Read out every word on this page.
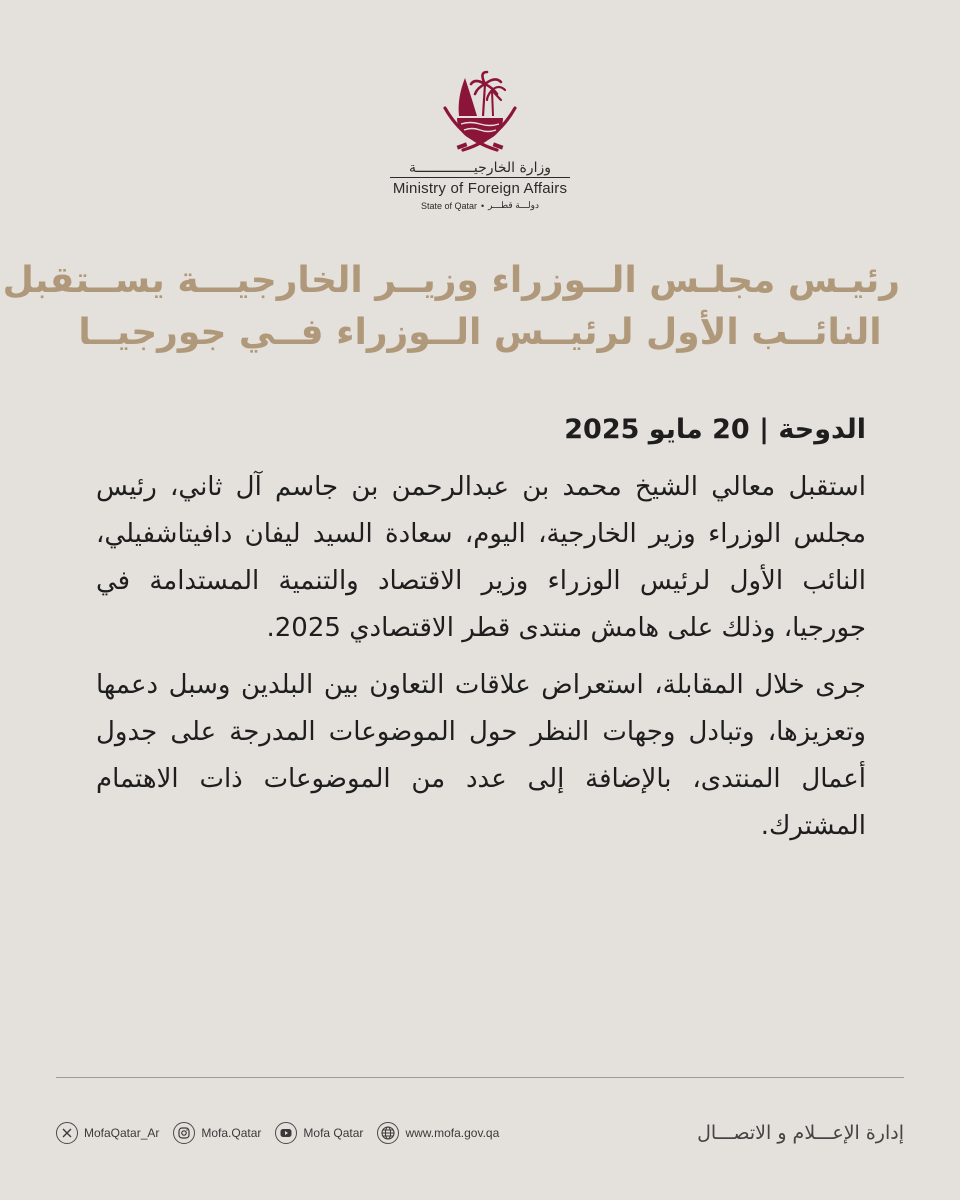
وزارة الخارجيــــــــــــــة
Ministry of Foreign Affairs
State of Qatar • دولـــة قطـــر
رئيـس مجلـس الــوزراء وزيــر الخارجيـــة يســتقبل
النائــب الأول لرئيــس الــوزراء فــي جورجيــا

الدوحة | 20 مايو 2025

استقبل معالي الشيخ محمد بن عبدالرحمن بن جاسم آل ثاني، رئيس مجلس الوزراء وزير الخارجية، اليوم، سعادة السيد ليفان دافيتاشفيلي، النائب الأول لرئيس الوزراء وزير الاقتصاد والتنمية المستدامة في جورجيا، وذلك على هامش منتدى قطر الاقتصادي 2025.

جرى خلال المقابلة، استعراض علاقات التعاون بين البلدين وسبل دعمها وتعزيزها، وتبادل وجهات النظر حول الموضوعات المدرجة على جدول أعمال المنتدى، بالإضافة إلى عدد من الموضوعات ذات الاهتمام المشترك.

MofaQatar_Ar	Mofa.Qatar	Mofa Qatar	www.mofa.gov.qa	إدارة الإعـــلام و الاتصـــال
